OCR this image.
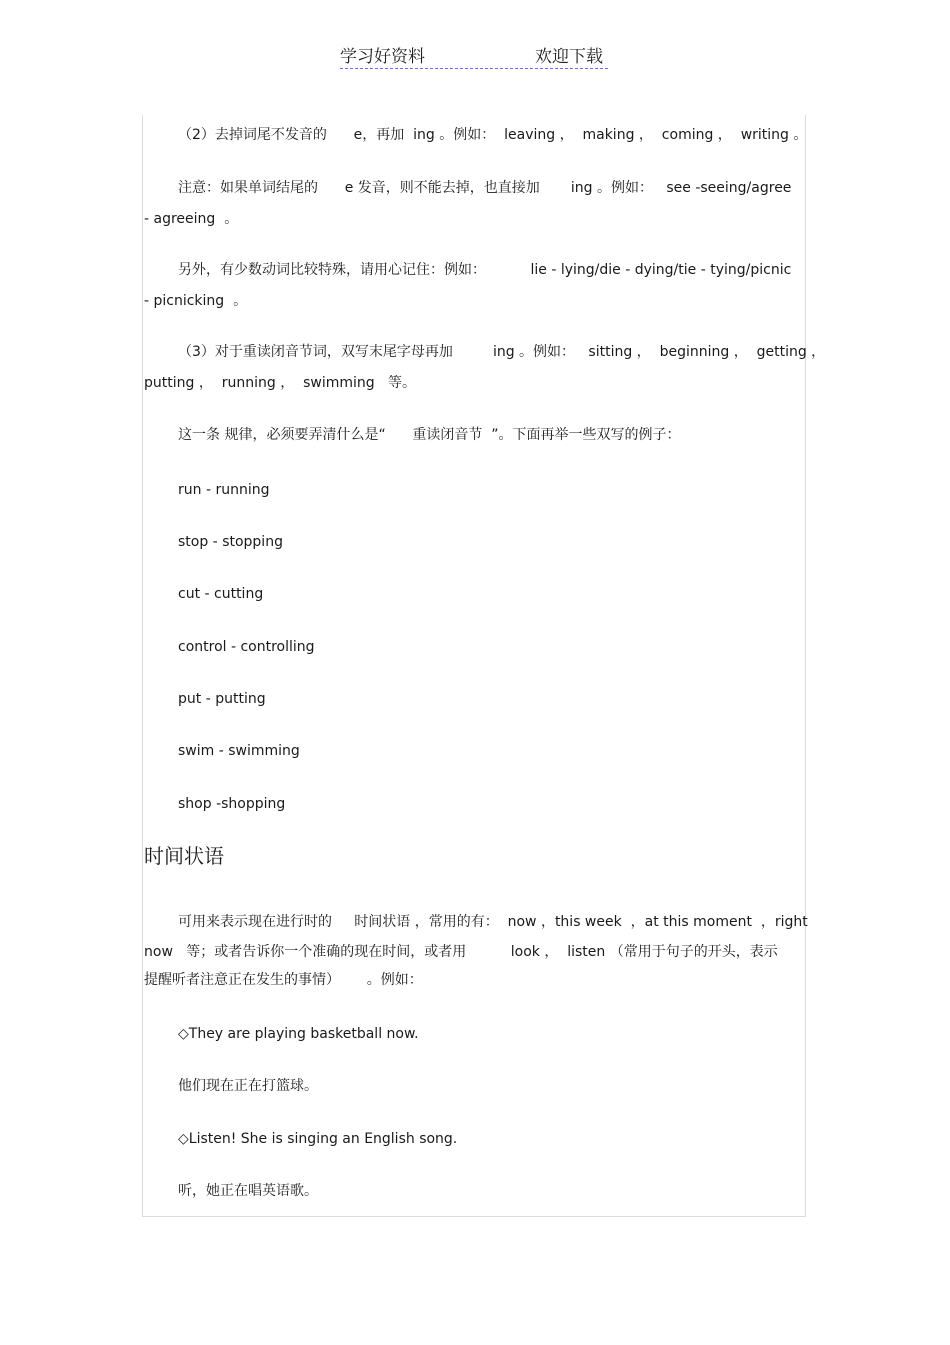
学习好资料	欢迎下载
（2）去掉词尾不发音的      e，再加  ing 。例如：  leaving ，  making ，  coming ，  writing 。
注意：如果单词结尾的      e 发音，则不能去掉，也直接加       ing 。例如：   see -seeing/agree
- agreeing  。
另外，有少数动词比较特殊，请用心记住：例如：          lie - lying/die - dying/tie - tying/picnic
- picnicking  。
（3）对于重读闭音节词，双写末尾字母再加         ing 。例如：   sitting ，  beginning ，  getting ，
putting ，  running ，  swimming   等。
这一条 规律，必须要弄清什么是“      重读闭音节  ”。下面再举一些双写的例子：
run - running
stop - stopping
cut - cutting
control - controlling
put - putting
swim - swimming
shop -shopping
时间状语
可用来表示现在进行时的     时间状语 ，常用的有：  now ，this week  ，at this moment  ，right
now   等；或者告诉你一个准确的现在时间，或者用          look ，  listen （常用于句子的开头，表示
提醒听者注意正在发生的事情）      。例如：
◇They are playing basketball now.
他们现在正在打篮球。
◇Listen! She is singing an English song.
听，她正在唱英语歌。
